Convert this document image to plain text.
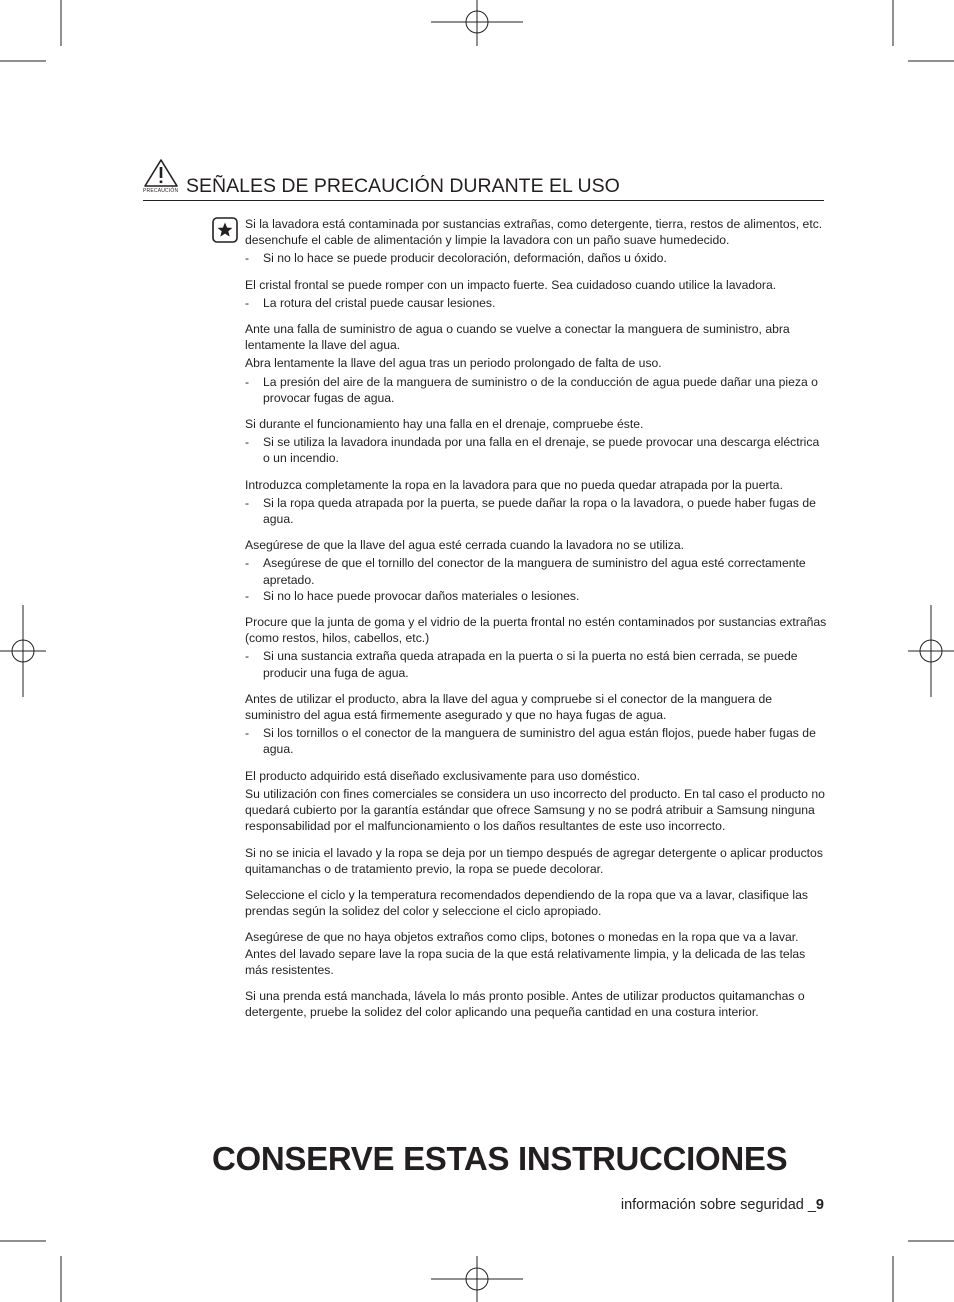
PRECAUCIÓN SEÑALES DE PRECAUCIÓN DURANTE EL USO

Si la lavadora está contaminada por sustancias extrañas, como detergente, tierra, restos de alimentos, etc. desenchufe el cable de alimentación y limpie la lavadora con un paño suave humedecido.

- Si no lo hace se puede producir decoloración, deformación, daños u óxido.

El cristal frontal se puede romper con un impacto fuerte. Sea cuidadoso cuando utilice la lavadora.

- La rotura del cristal puede causar lesiones.

Ante una falla de suministro de agua o cuando se vuelve a conectar la manguera de suministro, abra lentamente la llave del agua.

Abra lentamente la llave del agua tras un periodo prolongado de falta de uso.

- La presión del aire de la manguera de suministro o de la conducción de agua puede dañar una pieza o provocar fugas de agua.

Si durante el funcionamiento hay una falla en el drenaje, compruebe éste.

- Si se utiliza la lavadora inundada por una falla en el drenaje, se puede provocar una descarga eléctrica o un incendio.

Introduzca completamente la ropa en la lavadora para que no pueda quedar atrapada por la puerta.

- Si la ropa queda atrapada por la puerta, se puede dañar la ropa o la lavadora, o puede haber fugas de agua.

Asegúrese de que la llave del agua esté cerrada cuando la lavadora no se utiliza.

- Asegúrese de que el tornillo del conector de la manguera de suministro del agua esté correctamente apretado.
- Si no lo hace puede provocar daños materiales o lesiones.

Procure que la junta de goma y el vidrio de la puerta frontal no estén contaminados por sustancias extrañas (como restos, hilos, cabellos, etc.)

- Si una sustancia extraña queda atrapada en la puerta o si la puerta no está bien cerrada, se puede producir una fuga de agua.

Antes de utilizar el producto, abra la llave del agua y compruebe si el conector de la manguera de suministro del agua está firmemente asegurado y que no haya fugas de agua.

- Si los tornillos o el conector de la manguera de suministro del agua están flojos, puede haber fugas de agua.

El producto adquirido está diseñado exclusivamente para uso doméstico.

Su utilización con fines comerciales se considera un uso incorrecto del producto. En tal caso el producto no quedará cubierto por la garantía estándar que ofrece Samsung y no se podrá atribuir a Samsung ninguna responsabilidad por el malfuncionamiento o los daños resultantes de este uso incorrecto.

Si no se inicia el lavado y la ropa se deja por un tiempo después de agregar detergente o aplicar productos quitamanchas o de tratamiento previo, la ropa se puede decolorar.

Seleccione el ciclo y la temperatura recomendados dependiendo de la ropa que va a lavar, clasifique las prendas según la solidez del color y seleccione el ciclo apropiado.

Asegúrese de que no haya objetos extraños como clips, botones o monedas en la ropa que va a lavar. Antes del lavado separe lave la ropa sucia de la que está relativamente limpia, y la delicada de las telas más resistentes.

Si una prenda está manchada, lávela lo más pronto posible. Antes de utilizar productos quitamanchas o detergente, pruebe la solidez del color aplicando una pequeña cantidad en una costura interior.

CONSERVE ESTAS INSTRUCCIONES
información sobre seguridad _9
